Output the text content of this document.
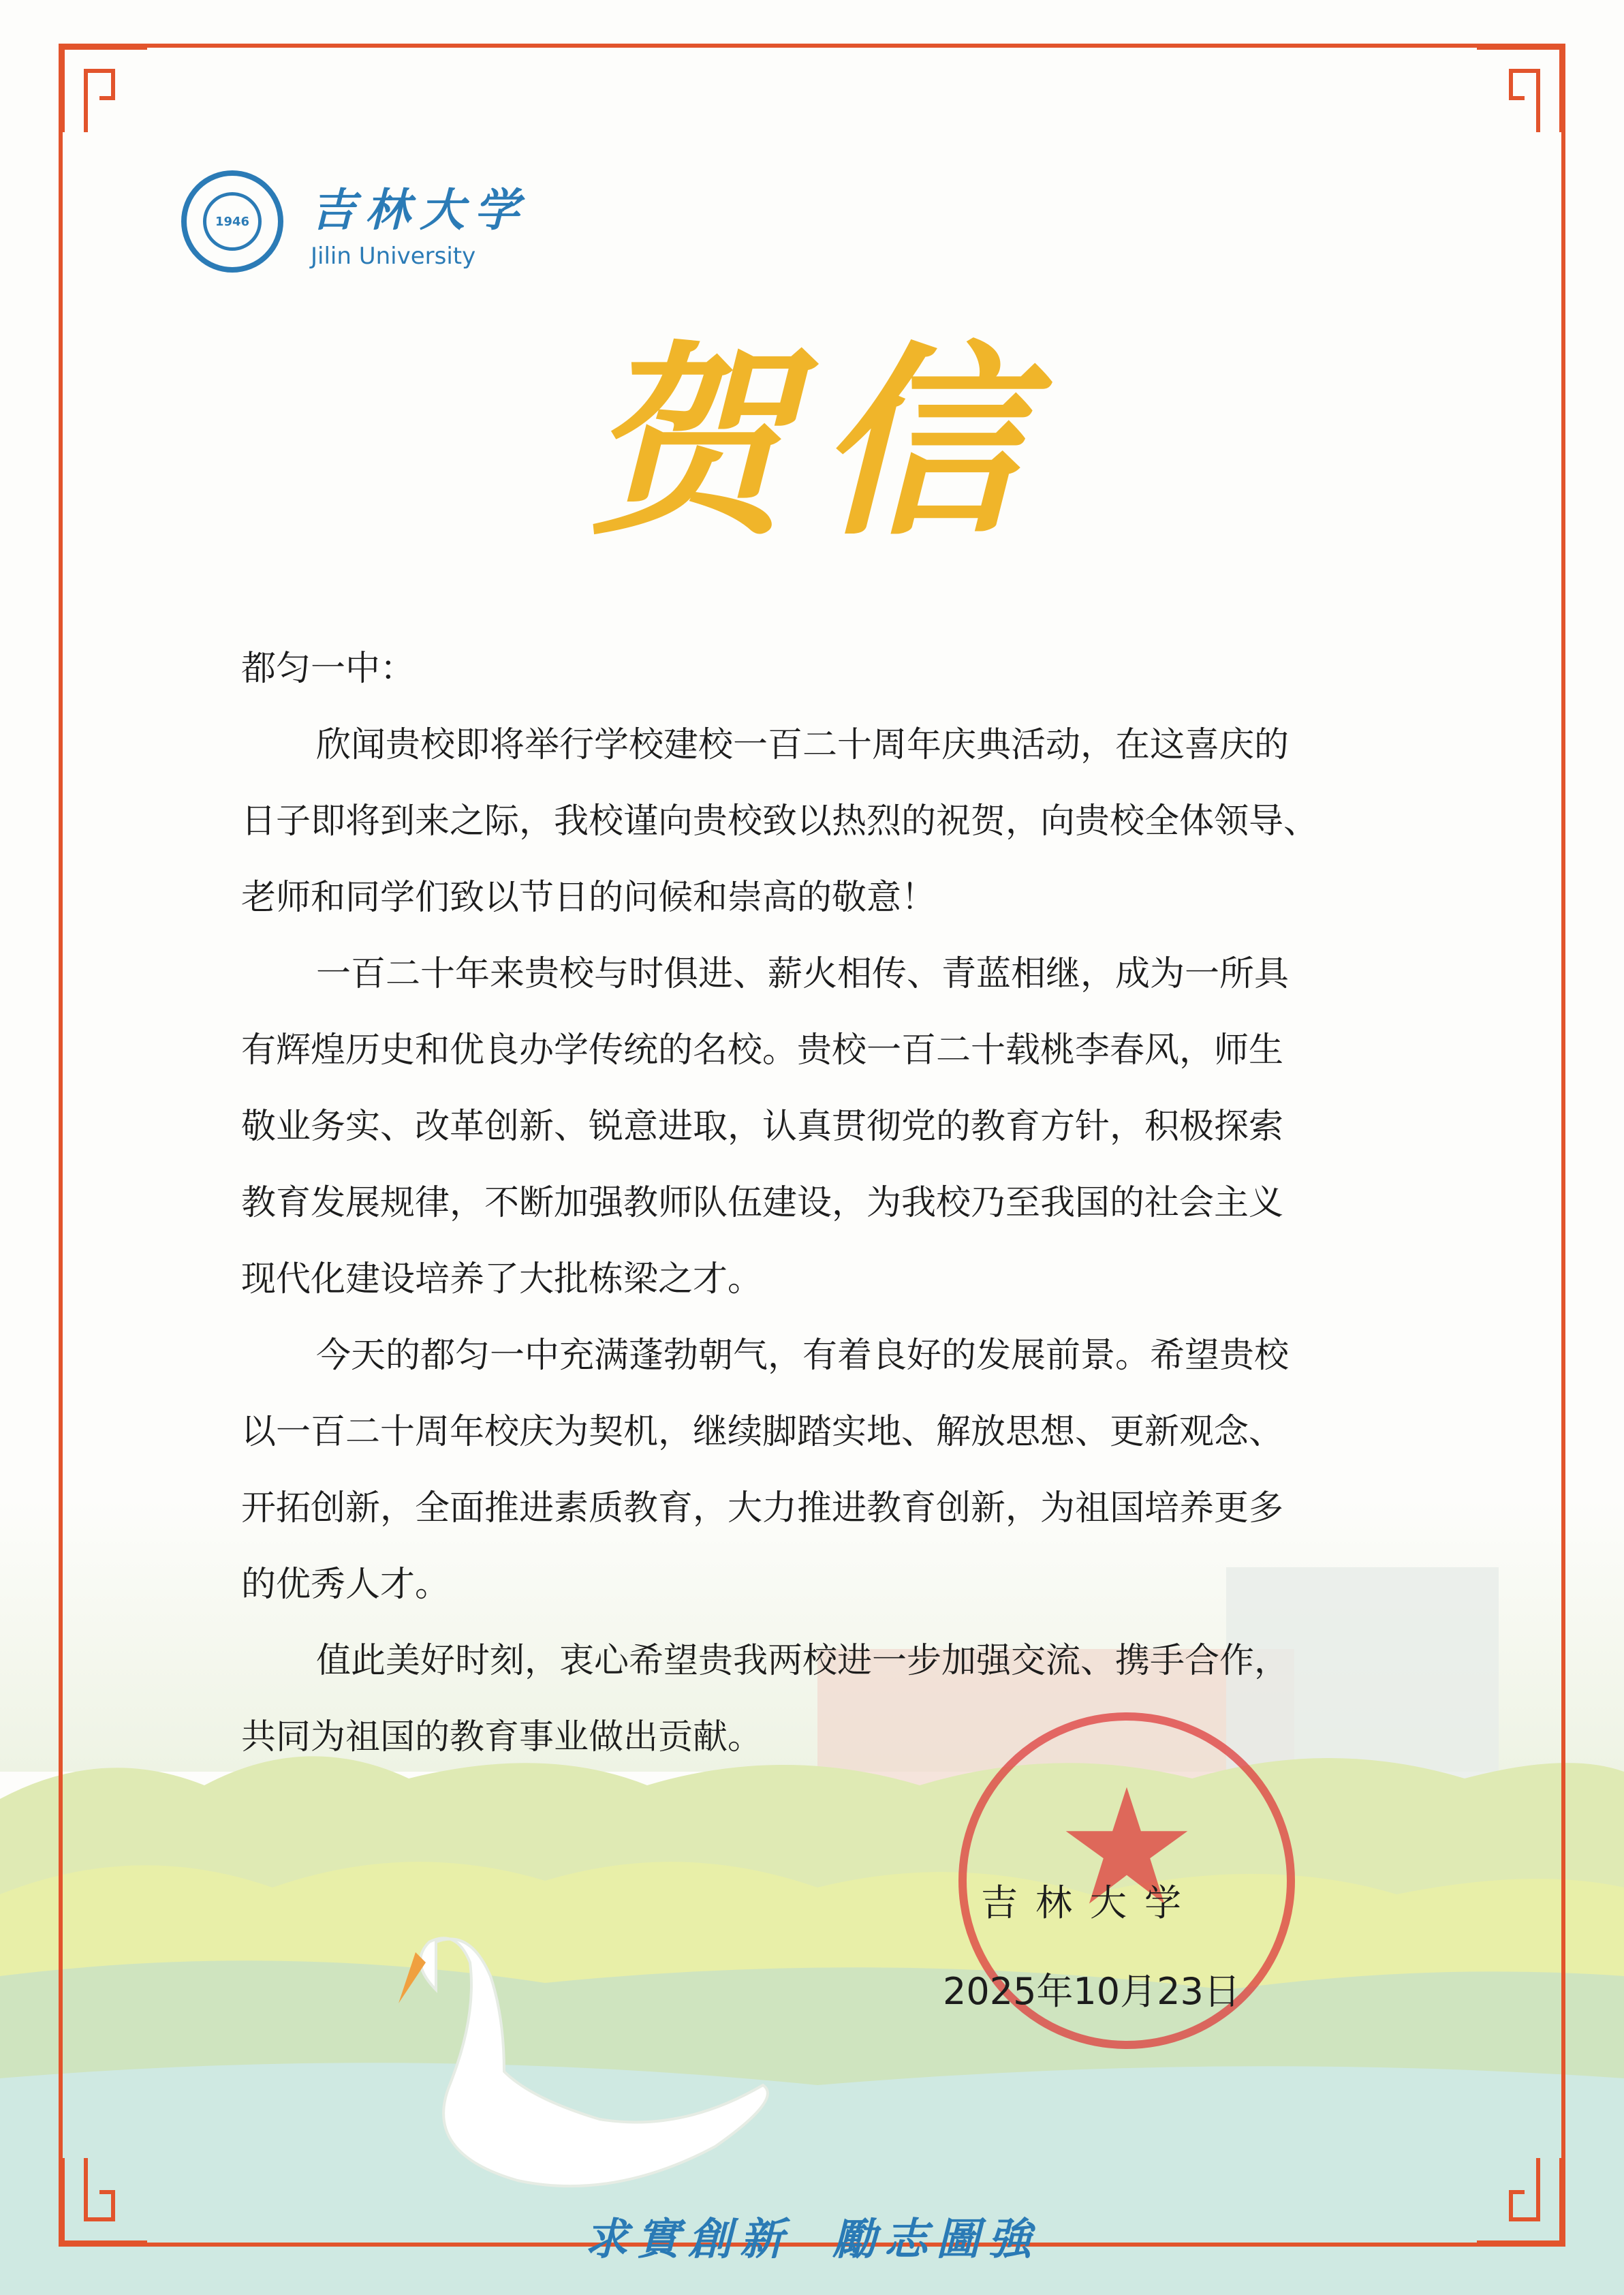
1946 吉林大学
Jilin University
贺信
都匀一中：
欣闻贵校即将举行学校建校一百二十周年庆典活动，在这喜庆的
日子即将到来之际，我校谨向贵校致以热烈的祝贺，向贵校全体领导、
老师和同学们致以节日的问候和崇高的敬意！
一百二十年来贵校与时俱进、薪火相传、青蓝相继，成为一所具
有辉煌历史和优良办学传统的名校。贵校一百二十载桃李春风，师生
敬业务实、改革创新、锐意进取，认真贯彻党的教育方针，积极探索
教育发展规律，不断加强教师队伍建设，为我校乃至我国的社会主义
现代化建设培养了大批栋梁之才。
今天的都匀一中充满蓬勃朝气，有着良好的发展前景。希望贵校
以一百二十周年校庆为契机，继续脚踏实地、解放思想、更新观念、
开拓创新，全面推进素质教育，大力推进教育创新，为祖国培养更多
的优秀人才。
值此美好时刻，衷心希望贵我两校进一步加强交流、携手合作，
共同为祖国的教育事业做出贡献。
吉林大学
2025年10月23日
求實創新 勵志圖強
